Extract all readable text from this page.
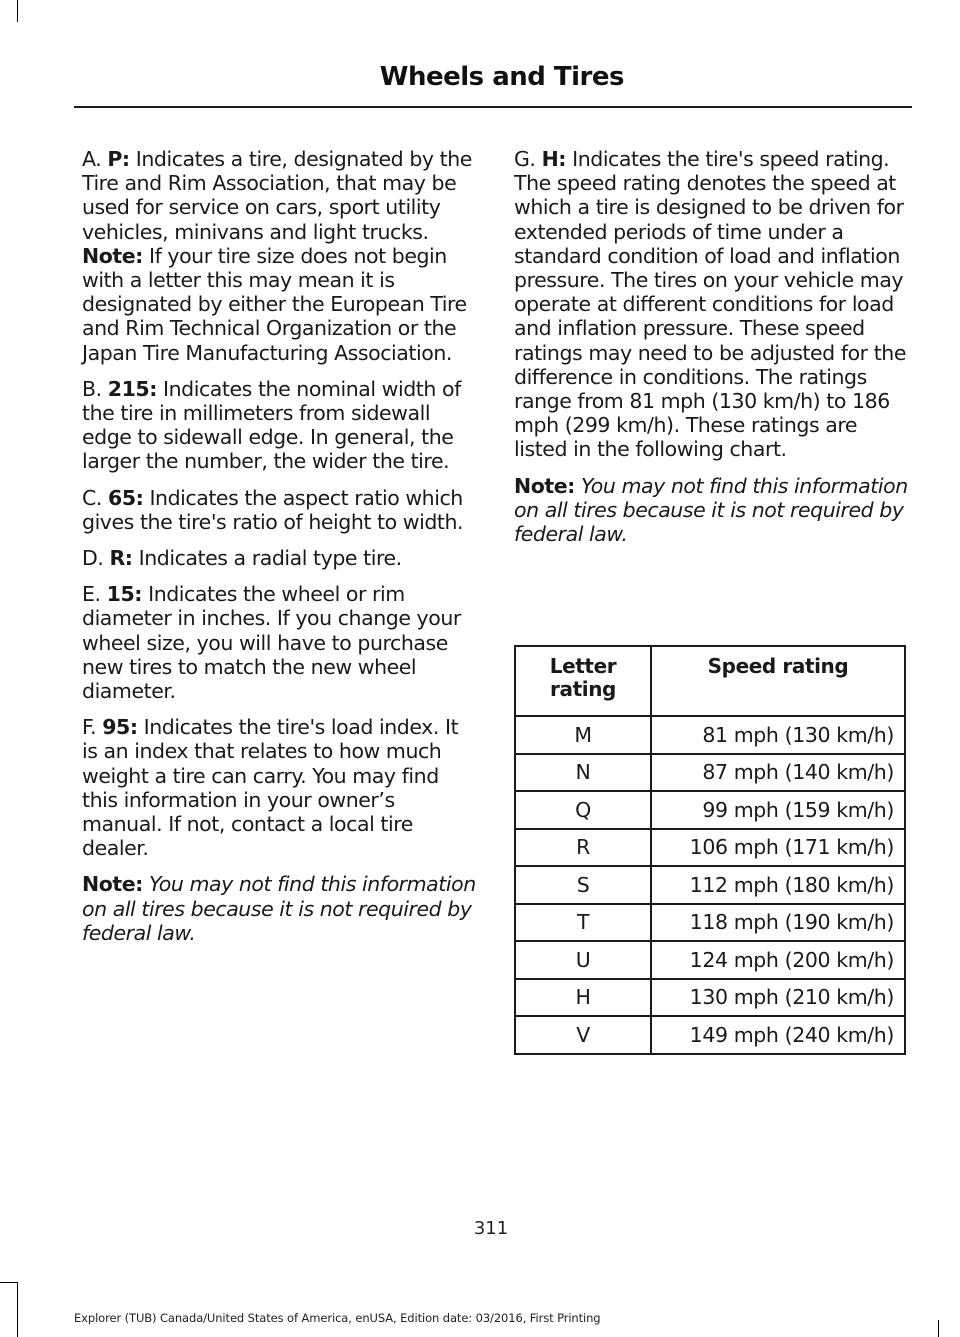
Wheels and Tires

A. P: Indicates a tire, designated by the Tire and Rim Association, that may be used for service on cars, sport utility vehicles, minivans and light trucks. Note: If your tire size does not begin with a letter this may mean it is designated by either the European Tire and Rim Technical Organization or the Japan Tire Manufacturing Association.

B. 215: Indicates the nominal width of the tire in millimeters from sidewall edge to sidewall edge. In general, the larger the number, the wider the tire.

C. 65: Indicates the aspect ratio which gives the tire's ratio of height to width.

D. R: Indicates a radial type tire.

E. 15: Indicates the wheel or rim diameter in inches. If you change your wheel size, you will have to purchase new tires to match the new wheel diameter.

F. 95: Indicates the tire's load index. It is an index that relates to how much weight a tire can carry. You may find this information in your owner’s manual. If not, contact a local tire dealer.

Note: You may not find this information on all tires because it is not required by federal law.

G. H: Indicates the tire's speed rating. The speed rating denotes the speed at which a tire is designed to be driven for extended periods of time under a standard condition of load and inflation pressure. The tires on your vehicle may operate at different conditions for load and inflation pressure. These speed ratings may need to be adjusted for the difference in conditions. The ratings range from 81 mph (130 km/h) to 186 mph (299 km/h). These ratings are listed in the following chart.

Note: You may not find this information on all tires because it is not required by federal law.

Letter rating	Speed rating
M	81 mph (130 km/h)
N	87 mph (140 km/h)
Q	99 mph (159 km/h)
R	106 mph (171 km/h)
S	112 mph (180 km/h)
T	118 mph (190 km/h)
U	124 mph (200 km/h)
H	130 mph (210 km/h)
V	149 mph (240 km/h)
311
Explorer (TUB) Canada/United States of America, enUSA, Edition date: 03/2016, First Printing
